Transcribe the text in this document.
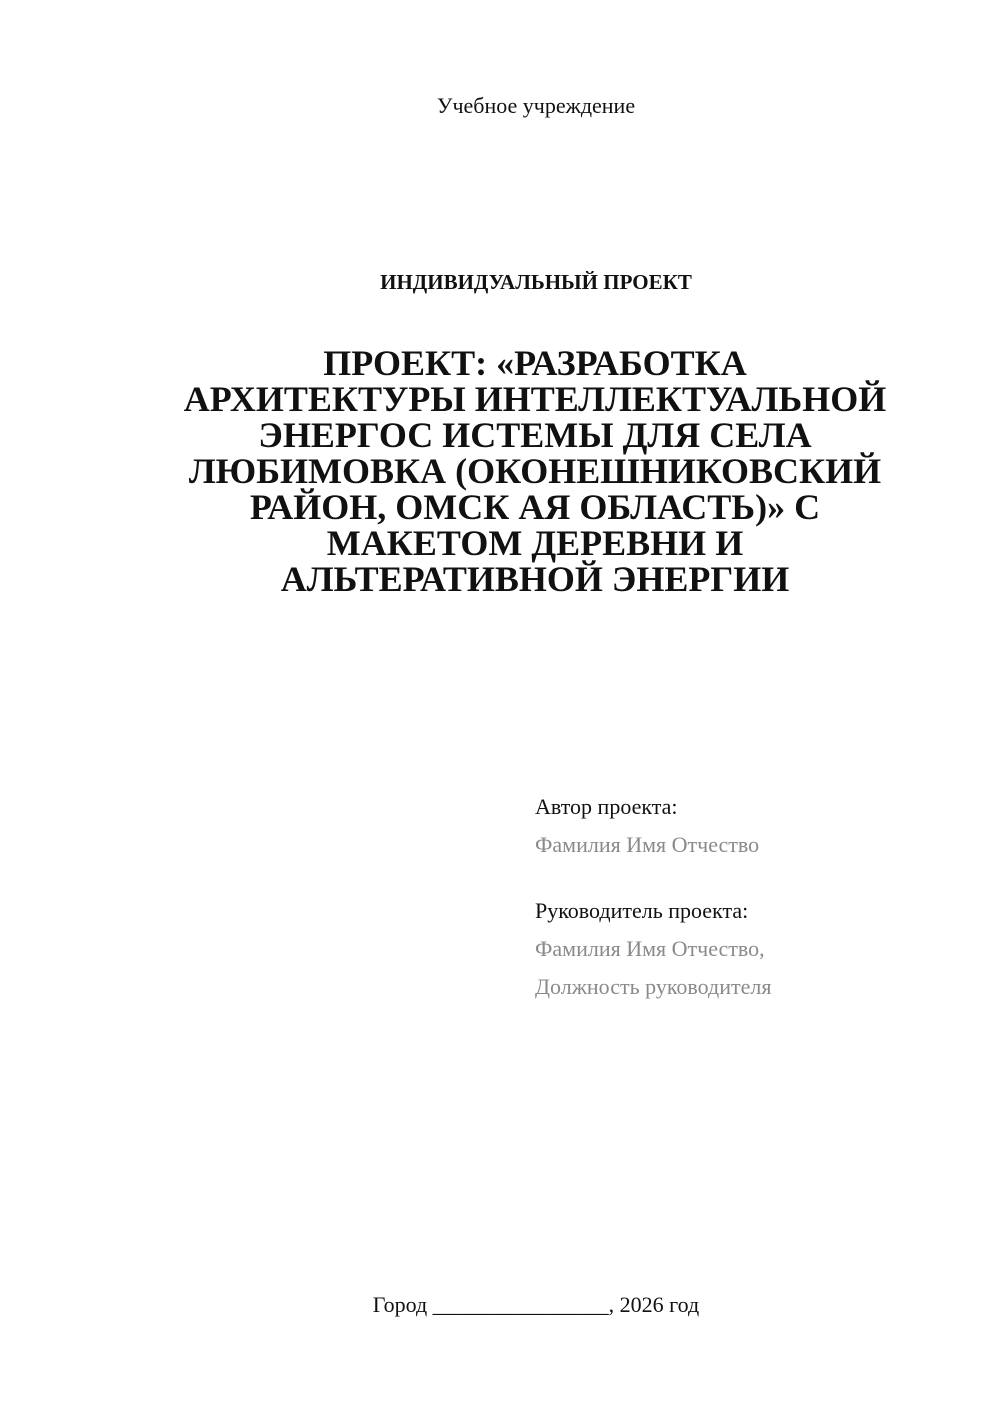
Учебное учреждение
ИНДИВИДУАЛЬНЫЙ ПРОЕКТ
ПРОЕКТ: «РАЗРАБОТКА
АРХИТЕКТУРЫ ИНТЕЛЛЕКТУАЛЬНОЙ
ЭНЕРГОС ИСТЕМЫ ДЛЯ СЕЛА
ЛЮБИМОВКА (ОКОНЕШНИКОВСКИЙ
РАЙОН, ОМСК АЯ ОБЛАСТЬ)» С
МАКЕТОМ ДЕРЕВНИ И
АЛЬТЕРАТИВНОЙ ЭНЕРГИИ
Автор проекта:
Фамилия Имя Отчество
Руководитель проекта:
Фамилия Имя Отчество,
Должность руководителя
Город ________________, 2026 год
